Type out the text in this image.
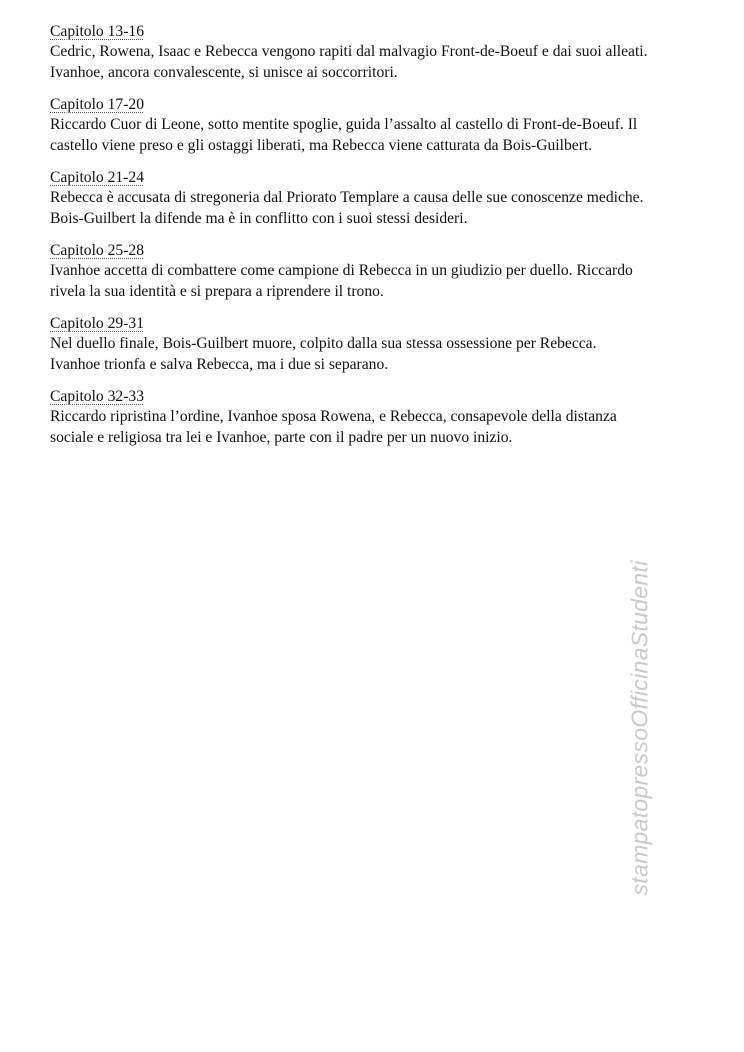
Capitolo 13-16

Cedric, Rowena, Isaac e Rebecca vengono rapiti dal malvagio Front-de-Boeuf e dai suoi alleati.
Ivanhoe, ancora convalescente, si unisce ai soccorritori.

Capitolo 17-20

Riccardo Cuor di Leone, sotto mentite spoglie, guida l’assalto al castello di Front-de-Boeuf. Il
castello viene preso e gli ostaggi liberati, ma Rebecca viene catturata da Bois-Guilbert.

Capitolo 21-24

Rebecca è accusata di stregoneria dal Priorato Templare a causa delle sue conoscenze mediche.
Bois-Guilbert la difende ma è in conflitto con i suoi stessi desideri.

Capitolo 25-28

Ivanhoe accetta di combattere come campione di Rebecca in un giudizio per duello. Riccardo
rivela la sua identità e si prepara a riprendere il trono.

Capitolo 29-31

Nel duello finale, Bois-Guilbert muore, colpito dalla sua stessa ossessione per Rebecca.
Ivanhoe trionfa e salva Rebecca, ma i due si separano.

Capitolo 32-33

Riccardo ripristina l’ordine, Ivanhoe sposa Rowena, e Rebecca, consapevole della distanza
sociale e religiosa tra lei e Ivanhoe, parte con il padre per un nuovo inizio.

stampatopressoOfficinaStudenti
